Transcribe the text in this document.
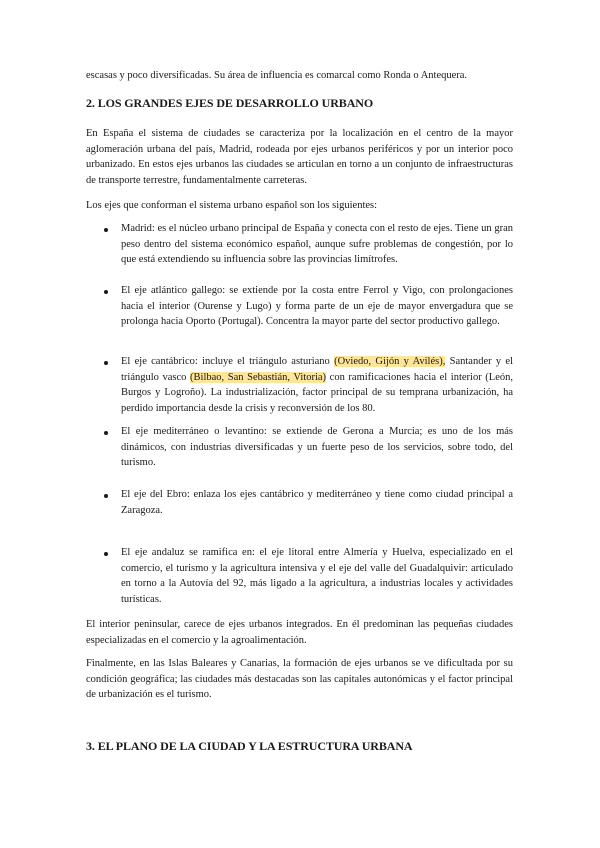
escasas y poco diversificadas. Su área de influencia es comarcal como Ronda o Antequera.

2. LOS GRANDES EJES DE DESARROLLO URBANO

En España el sistema de ciudades se caracteriza por la localización en el centro de la mayor aglomeración urbana del país, Madrid, rodeada por ejes urbanos periféricos y por un interior poco urbanizado. En estos ejes urbanos las ciudades se articulan en torno a un conjunto de infraestructuras de transporte terrestre, fundamentalmente carreteras.

Los ejes que conforman el sistema urbano español son los siguientes:

Madrid: es el núcleo urbano principal de España y conecta con el resto de ejes. Tiene un gran peso dentro del sistema económico español, aunque sufre problemas de congestión, por lo que está extendiendo su influencia sobre las provincias limítrofes.

El eje atlántico gallego: se extiende por la costa entre Ferrol y Vigo, con prolongaciones hacia el interior (Ourense y Lugo) y forma parte de un eje de mayor envergadura que se prolonga hacia Oporto (Portugal). Concentra la mayor parte del sector productivo gallego.

El eje cantábrico: incluye el triángulo asturiano (Oviedo, Gijón y Avilés), Santander y el triángulo vasco (Bilbao, San Sebastián, Vitoria) con ramificaciones hacia el interior (León, Burgos y Logroño). La industrialización, factor principal de su temprana urbanización, ha perdido importancia desde la crisis y reconversión de los 80.

El eje mediterráneo o levantino: se extiende de Gerona a Murcia; es uno de los más dinámicos, con industrias diversificadas y un fuerte peso de los servicios, sobre todo, del turismo.

El eje del Ebro: enlaza los ejes cantábrico y mediterráneo y tiene como ciudad principal a Zaragoza.

El eje andaluz se ramifica en: el eje litoral entre Almería y Huelva, especializado en el comercio, el turismo y la agricultura intensiva y el eje del valle del Guadalquivir: articulado en torno a la Autovía del 92, más ligado a la agricultura, a industrias locales y actividades turísticas.

El interior peninsular, carece de ejes urbanos integrados. En él predominan las pequeñas ciudades especializadas en el comercio y la agroalimentación.

Finalmente, en las Islas Baleares y Canarias, la formación de ejes urbanos se ve dificultada por su condición geográfica; las ciudades más destacadas son las capitales autonómicas y el factor principal de urbanización es el turismo.

3. EL PLANO DE LA CIUDAD Y LA ESTRUCTURA URBANA
